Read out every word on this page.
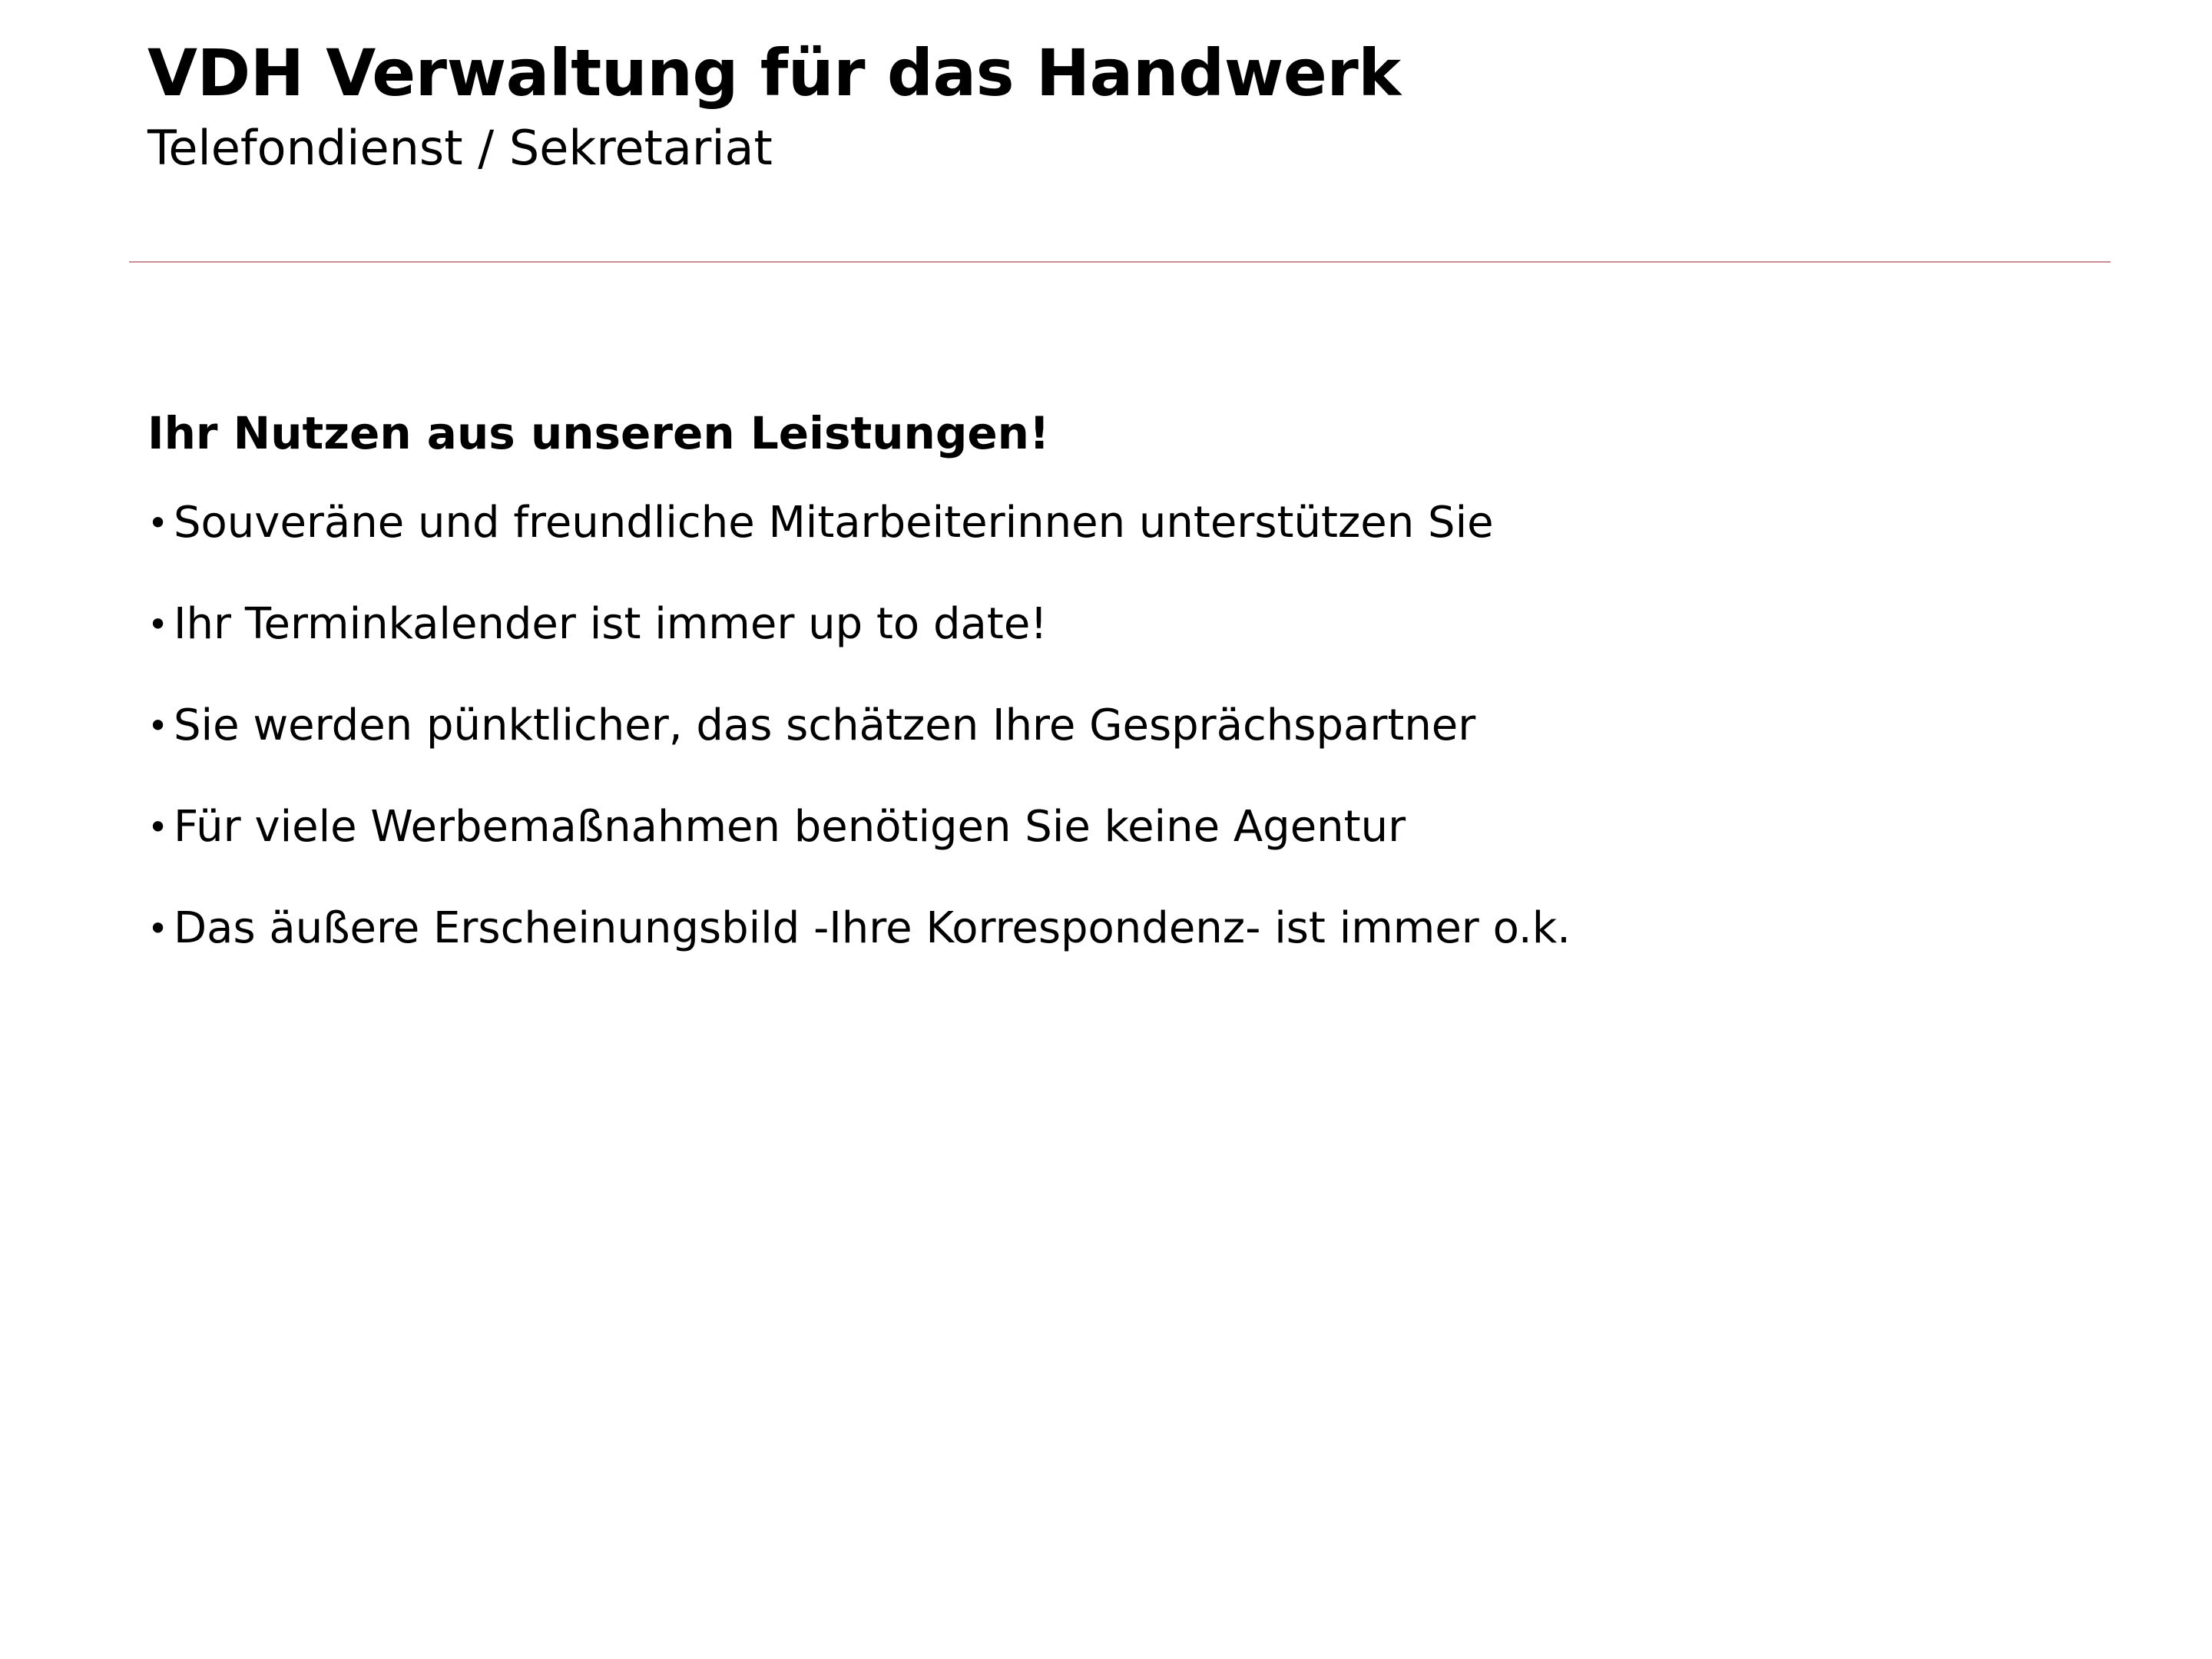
VDH Verwaltung für das Handwerk
Telefondienst / Sekretariat

Ihr Nutzen aus unseren Leistungen!

• Souveräne und freundliche Mitarbeiterinnen unterstützen Sie
• Ihr Terminkalender ist immer up to date!
• Sie werden pünktlicher, das schätzen Ihre Gesprächspartner
• Für viele Werbemaßnahmen benötigen Sie keine Agentur
• Das äußere Erscheinungsbild -Ihre Korrespondenz- ist immer o.k.
